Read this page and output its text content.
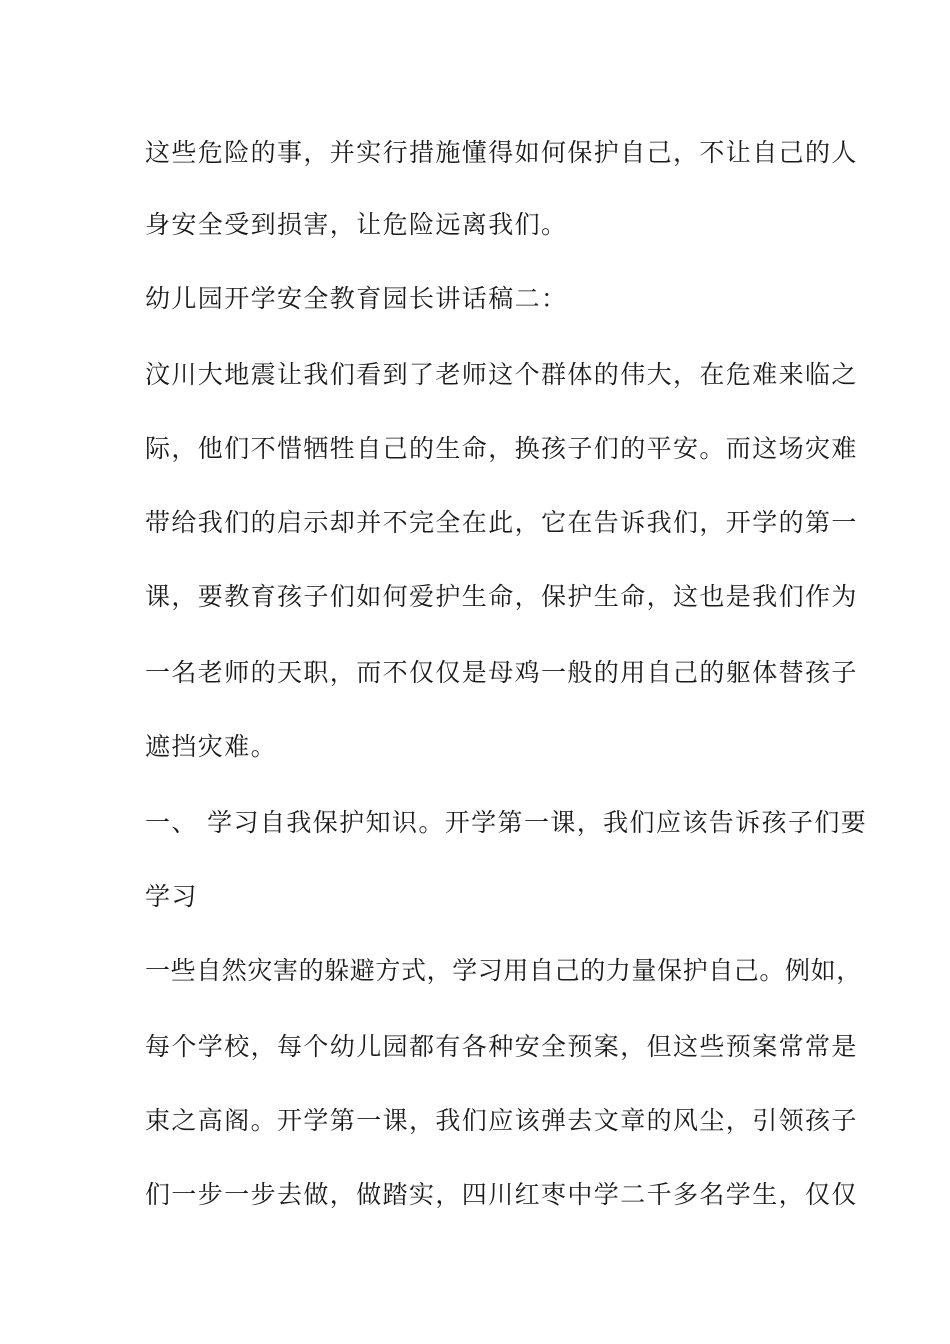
这些危险的事，并实行措施懂得如何保护自己，不让自己的人
身安全受到损害，让危险远离我们。
幼儿园开学安全教育园长讲话稿二：
汶川大地震让我们看到了老师这个群体的伟大，在危难来临之
际，他们不惜牺牲自己的生命，换孩子们的平安。而这场灾难
带给我们的启示却并不完全在此，它在告诉我们，开学的第一
课，要教育孩子们如何爱护生命，保护生命，这也是我们作为
一名老师的天职，而不仅仅是母鸡一般的用自己的躯体替孩子
遮挡灾难。
一、 学习自我保护知识。开学第一课，我们应该告诉孩子们要
学习
一些自然灾害的躲避方式，学习用自己的力量保护自己。例如，
每个学校，每个幼儿园都有各种安全预案，但这些预案常常是
束之高阁。开学第一课，我们应该弹去文章的风尘，引领孩子
们一步一步去做，做踏实，四川红枣中学二千多名学生，仅仅
